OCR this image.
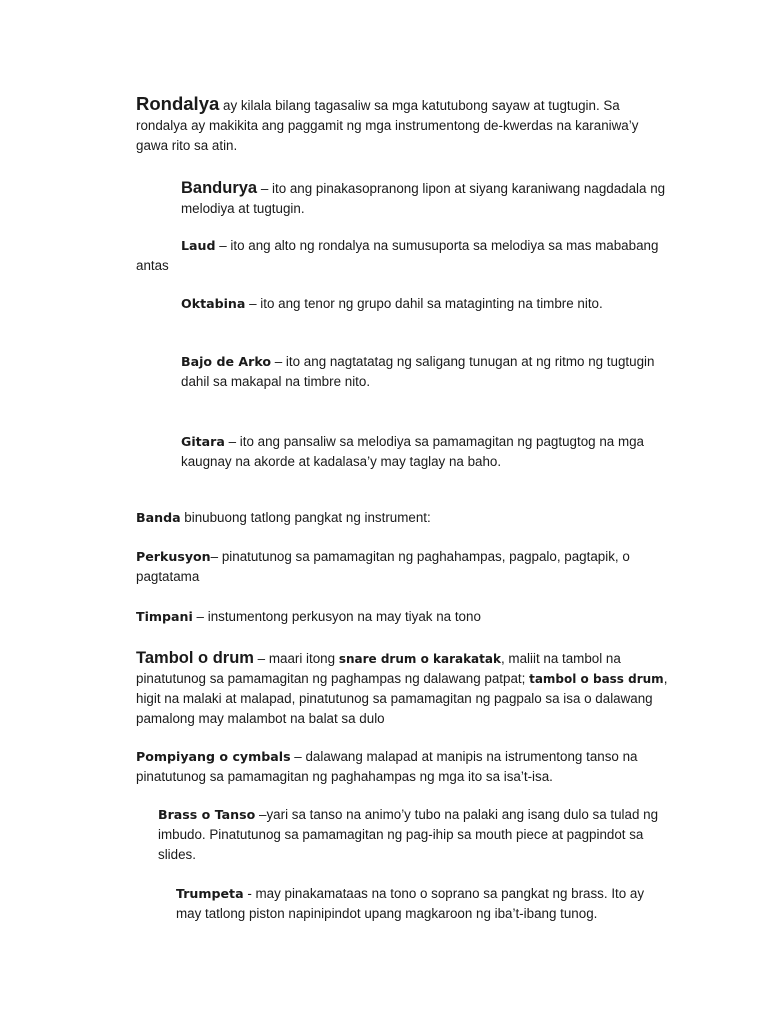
Rondalya ay kilala bilang tagasaliw sa mga katutubong sayaw at tugtugin. Sa rondalya ay makikita ang paggamit ng mga instrumentong de-kwerdas na karaniwa’y gawa rito sa atin.

Bandurya – ito ang pinakasopranong lipon at siyang karaniwang nagdadala ng melodiya at tugtugin.

Laud – ito ang alto ng rondalya na sumusuporta sa melodiya sa mas mababang antas

Oktabina – ito ang tenor ng grupo dahil sa mataginting na timbre nito.

Bajo de Arko – ito ang nagtatatag ng saligang tunugan at ng ritmo ng tugtugin dahil sa makapal na timbre nito.

Gitara – ito ang pansaliw sa melodiya sa pamamagitan ng pagtugtog na mga kaugnay na akorde at kadalasa’y may taglay na baho.

Banda binubuong tatlong pangkat ng instrument:

Perkusyon– pinatutunog sa pamamagitan ng paghahampas, pagpalo, pagtapik, o pagtatama

Timpani – instumentong perkusyon na may tiyak na tono

Tambol o drum – maari itong snare drum o karakatak, maliit na tambol na pinatutunog sa pamamagitan ng paghampas ng dalawang patpat; tambol o bass drum, higit na malaki at malapad, pinatutunog sa pamamagitan ng pagpalo sa isa o dalawang pamalong may malambot na balat sa dulo

Pompiyang o cymbals – dalawang malapad at manipis na istrumentong tanso na pinatutunog sa pamamagitan ng paghahampas ng mga ito sa isa’t-isa.

Brass o Tanso –yari sa tanso na animo’y tubo na palaki ang isang dulo sa tulad ng imbudo. Pinatutunog sa pamamagitan ng pag-ihip sa mouth piece at pagpindot sa slides.

Trumpeta - may pinakamataas na tono o soprano sa pangkat ng brass. Ito ay may tatlong piston napinipindot upang magkaroon ng iba’t-ibang tunog.
